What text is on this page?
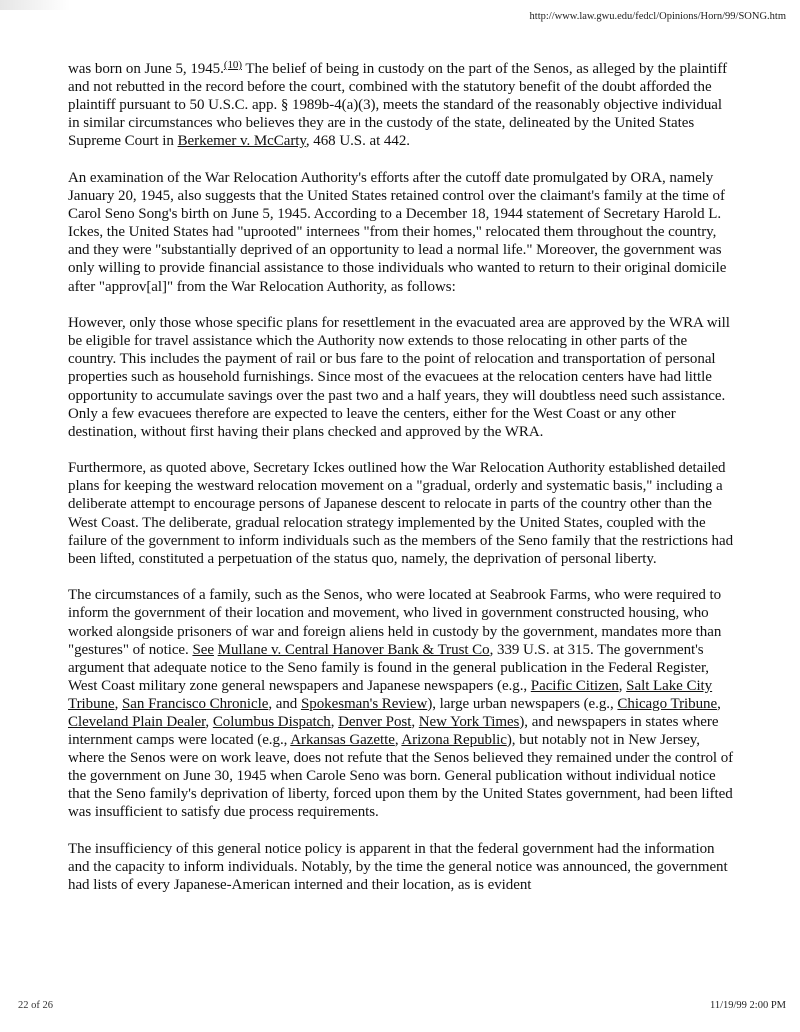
http://www.law.gwu.edu/fedcl/Opinions/Horn/99/SONG.htm

was born on June 5, 1945.$^{(10)}$ The belief of being in custody on the part of the Senos, as alleged by the plaintiff and not rebutted in the record before the court, combined with the statutory benefit of the doubt afforded the plaintiff pursuant to 50 U.S.C. app. § 1989b-4(a)(3), meets the standard of the reasonably objective individual in similar circumstances who believes they are in the custody of the state, delineated by the United States Supreme Court in Berkemer v. McCarty, 468 U.S. at 442.

An examination of the War Relocation Authority's efforts after the cutoff date promulgated by ORA, namely January 20, 1945, also suggests that the United States retained control over the claimant's family at the time of Carol Seno Song's birth on June 5, 1945. According to a December 18, 1944 statement of Secretary Harold L. Ickes, the United States had "uprooted" internees "from their homes," relocated them throughout the country, and they were "substantially deprived of an opportunity to lead a normal life." Moreover, the government was only willing to provide financial assistance to those individuals who wanted to return to their original domicile after "approv[al]" from the War Relocation Authority, as follows:

However, only those whose specific plans for resettlement in the evacuated area are approved by the WRA will be eligible for travel assistance which the Authority now extends to those relocating in other parts of the country. This includes the payment of rail or bus fare to the point of relocation and transportation of personal properties such as household furnishings. Since most of the evacuees at the relocation centers have had little opportunity to accumulate savings over the past two and a half years, they will doubtless need such assistance. Only a few evacuees therefore are expected to leave the centers, either for the West Coast or any other destination, without first having their plans checked and approved by the WRA.

Furthermore, as quoted above, Secretary Ickes outlined how the War Relocation Authority established detailed plans for keeping the westward relocation movement on a "gradual, orderly and systematic basis," including a deliberate attempt to encourage persons of Japanese descent to relocate in parts of the country other than the West Coast. The deliberate, gradual relocation strategy implemented by the United States, coupled with the failure of the government to inform individuals such as the members of the Seno family that the restrictions had been lifted, constituted a perpetuation of the status quo, namely, the deprivation of personal liberty.

The circumstances of a family, such as the Senos, who were located at Seabrook Farms, who were required to inform the government of their location and movement, who lived in government constructed housing, who worked alongside prisoners of war and foreign aliens held in custody by the government, mandates more than "gestures" of notice. See Mullane v. Central Hanover Bank & Trust Co, 339 U.S. at 315. The government's argument that adequate notice to the Seno family is found in the general publication in the Federal Register, West Coast military zone general newspapers and Japanese newspapers (e.g., Pacific Citizen, Salt Lake City Tribune, San Francisco Chronicle, and Spokesman's Review), large urban newspapers (e.g., Chicago Tribune, Cleveland Plain Dealer, Columbus Dispatch, Denver Post, New York Times), and newspapers in states where internment camps were located (e.g., Arkansas Gazette, Arizona Republic), but notably not in New Jersey, where the Senos were on work leave, does not refute that the Senos believed they remained under the control of the government on June 30, 1945 when Carole Seno was born. General publication without individual notice that the Seno family's deprivation of liberty, forced upon them by the United States government, had been lifted was insufficient to satisfy due process requirements.

The insufficiency of this general notice policy is apparent in that the federal government had the information and the capacity to inform individuals. Notably, by the time the general notice was announced, the government had lists of every Japanese-American interned and their location, as is evident

22 of 26	11/19/99 2:00 PM
